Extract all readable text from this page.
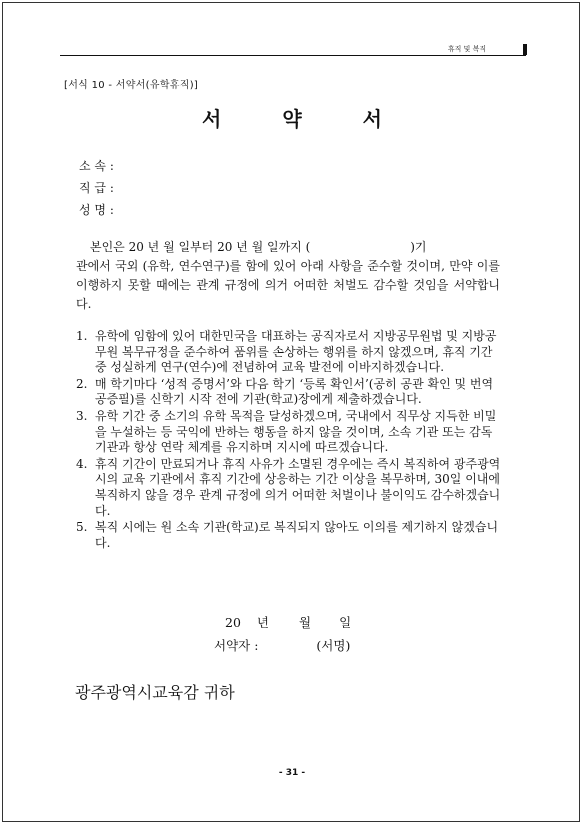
휴직 및 복직
[서식 10 - 서약서(유학휴직)]
서 약 서
소 속 :
직 급 :
성 명 :
본인은 20 년 월 일부터 20 년 월 일까지 (	)기
관에서 국외 (유학, 연수연구)를 함에 있어 아래 사항을 준수할 것이며, 만약 이를 이행하지 못할 때에는 관계 규정에 의거 어떠한 처벌도 감수할 것임을 서약합니다.
1. 유학에 임함에 있어 대한민국을 대표하는 공직자로서 지방공무원법 및 지방공무원 복무규정을 준수하여 품위를 손상하는 행위를 하지 않겠으며, 휴직 기간 중 성실하게 연구(연수)에 전념하여 교육 발전에 이바지하겠습니다.
2. 매 학기마다 ‘성적 증명서’와 다음 학기 ‘등록 확인서’(공히 공관 확인 및 번역공증필)를 신학기 시작 전에 기관(학교)장에게 제출하겠습니다.
3. 유학 기간 중 소기의 유학 목적을 달성하겠으며, 국내에서 직무상 지득한 비밀을 누설하는 등 국익에 반하는 행동을 하지 않을 것이며, 소속 기관 또는 감독 기관과 항상 연락 체계를 유지하며 지시에 따르겠습니다.
4. 휴직 기간이 만료되거나 휴직 사유가 소멸된 경우에는 즉시 복직하여 광주광역시의 교육 기관에서 휴직 기간에 상응하는 기간 이상을 복무하며, 30일 이내에 복직하지 않을 경우 관계 규정에 의거 어떠한 처벌이나 불이익도 감수하겠습니다.
5. 복직 시에는 원 소속 기관(학교)로 복직되지 않아도 이의를 제기하지 않겠습니다.
20 년 월 일
서약자 :	(서명)
광주광역시교육감 귀하
- 31 -
